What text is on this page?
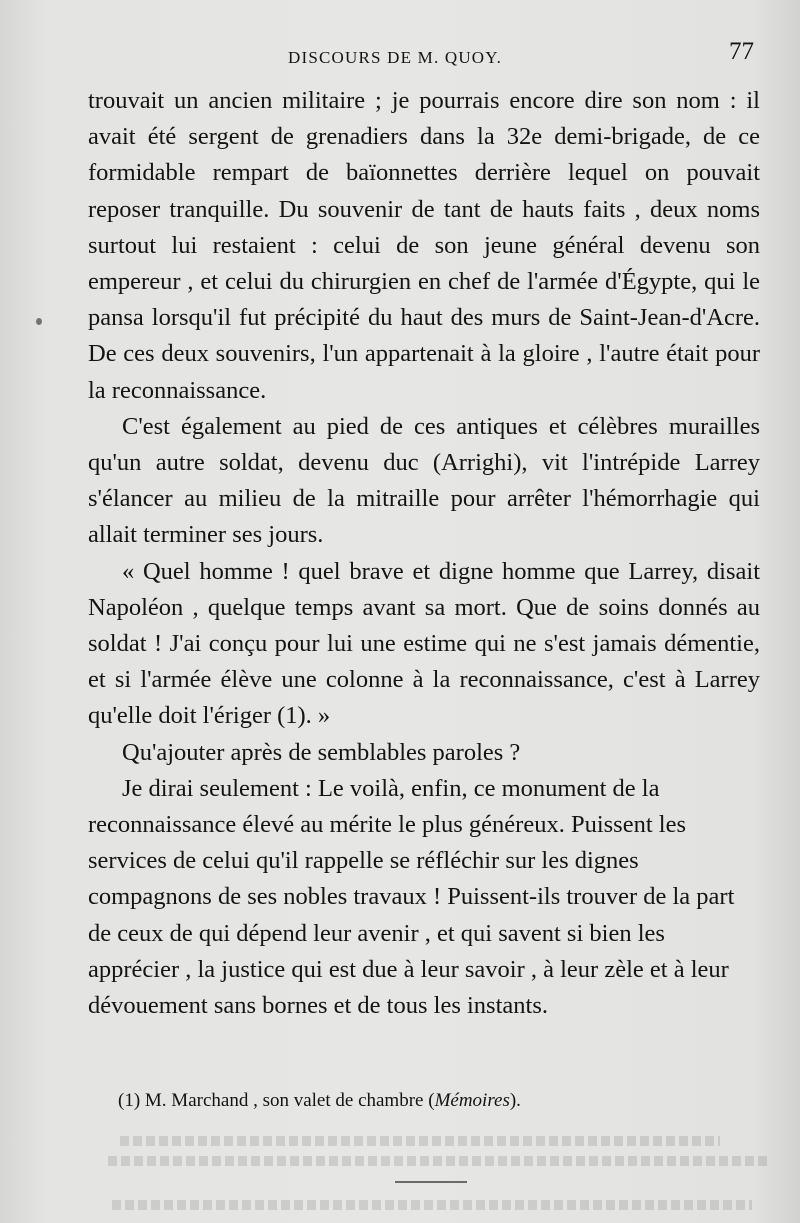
DISCOURS DE M. QUOY.	77

trouvait un ancien militaire ; je pourrais encore dire son nom : il avait été sergent de grenadiers dans la 32e demi-brigade, de ce formidable rempart de baïonnettes derrière lequel on pouvait reposer tranquille. Du souvenir de tant de hauts faits , deux noms surtout lui restaient : celui de son jeune général devenu son empereur , et celui du chirurgien en chef de l'armée d'Égypte, qui le pansa lorsqu'il fut précipité du haut des murs de Saint-Jean-d'Acre. De ces deux souvenirs, l'un appartenait à la gloire , l'autre était pour la reconnaissance.

C'est également au pied de ces antiques et célèbres murailles qu'un autre soldat, devenu duc (Arrighi), vit l'intrépide Larrey s'élancer au milieu de la mitraille pour arrêter l'hémorrhagie qui allait terminer ses jours.

« Quel homme ! quel brave et digne homme que Larrey, disait Napoléon , quelque temps avant sa mort. Que de soins donnés au soldat ! J'ai conçu pour lui une estime qui ne s'est jamais démentie, et si l'armée élève une colonne à la reconnaissance, c'est à Larrey qu'elle doit l'ériger (1). »

Qu'ajouter après de semblables paroles ?

Je dirai seulement : Le voilà, enfin, ce monument de la reconnaissance élevé au mérite le plus généreux. Puissent les services de celui qu'il rappelle se réfléchir sur les dignes compagnons de ses nobles travaux ! Puissent-ils trouver de la part de ceux de qui dépend leur avenir , et qui savent si bien les apprécier , la justice qui est due à leur savoir , à leur zèle et à leur dévouement sans bornes et de tous les instants.

(1) M. Marchand , son valet de chambre (Mémoires).
